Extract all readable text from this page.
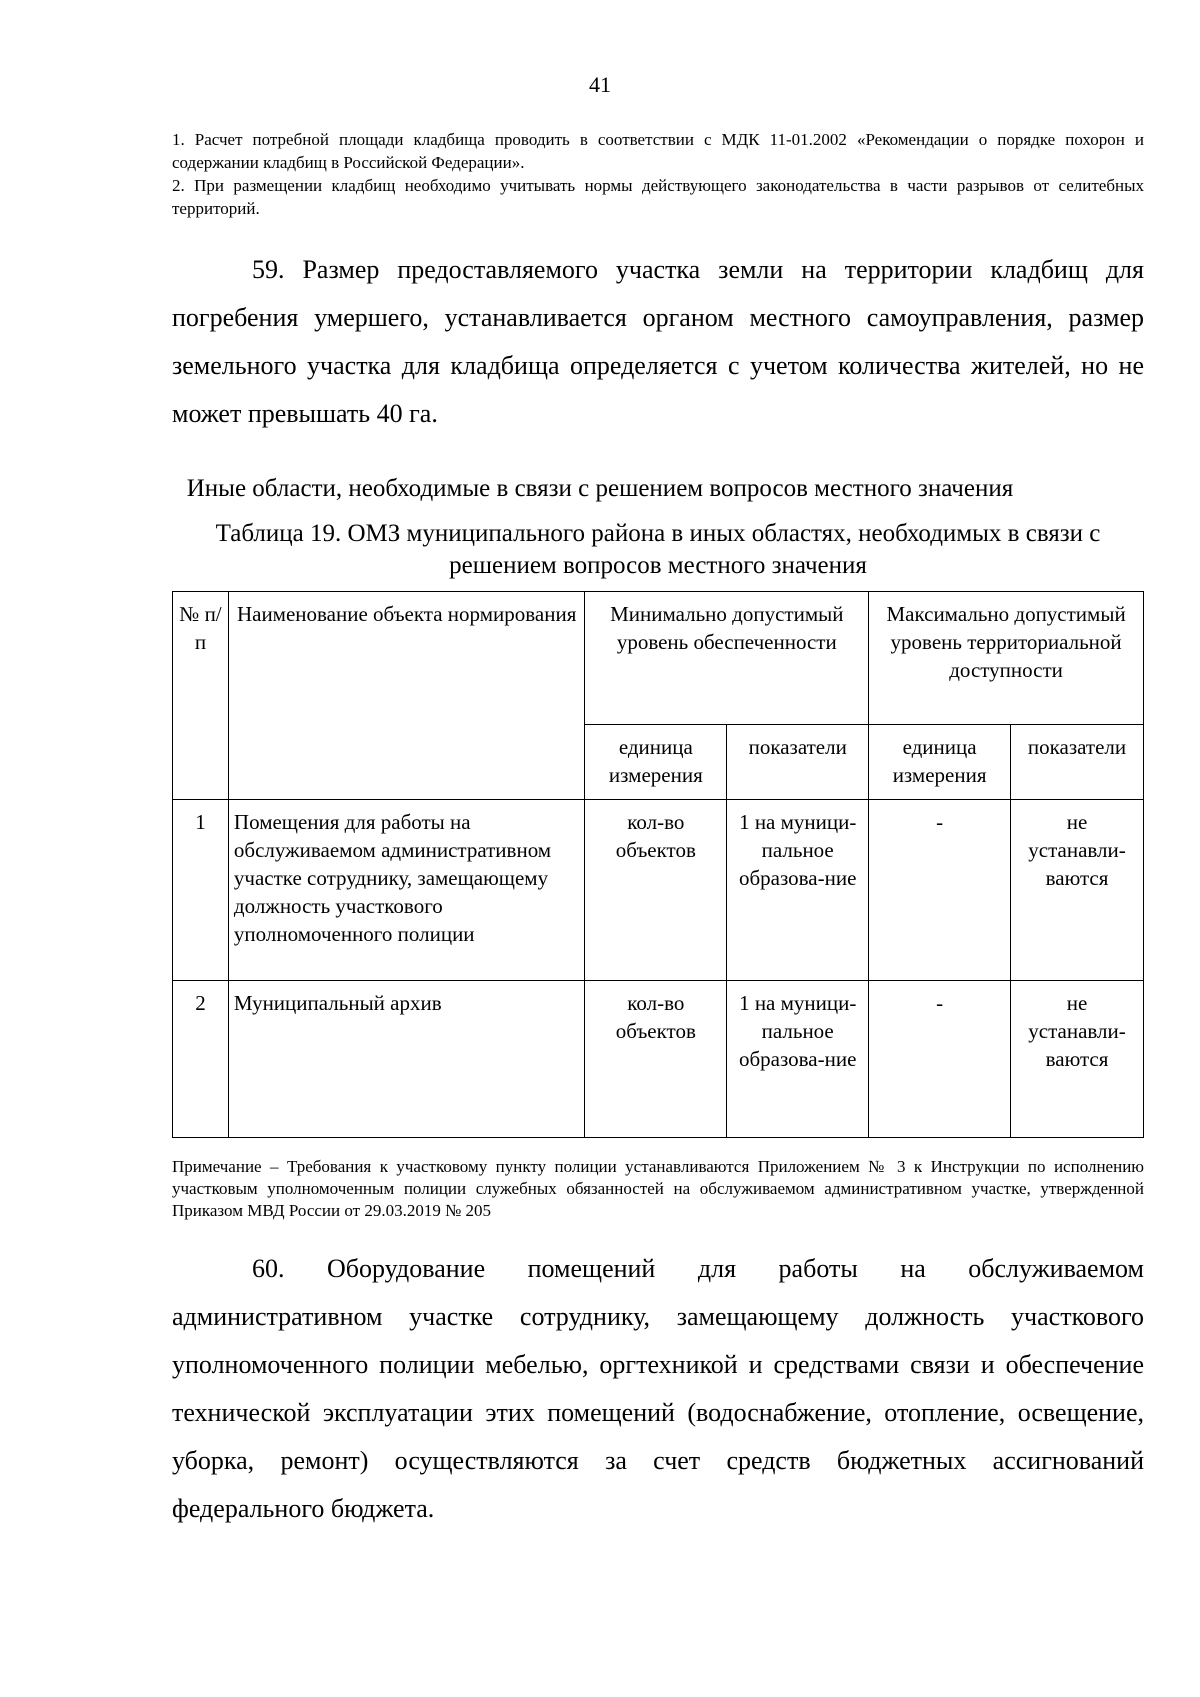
41

1. Расчет потребной площади кладбища проводить в соответствии с МДК 11-01.2002 «Рекомендации о порядке похорон и содержании кладбищ в Российской Федерации».

2. При размещении кладбищ необходимо учитывать нормы действующего законодательства в части разрывов от селитебных территорий.

59. Размер предоставляемого участка земли на территории кладбищ для погребения умершего, устанавливается органом местного самоуправления, размер земельного участка для кладбища определяется с учетом количества жителей, но не может превышать 40 га.

Иные области, необходимые в связи с решением вопросов местного значения
Таблица 19. ОМЗ муниципального района в иных областях, необходимых в связи с решением вопросов местного значения
№ п/п	Наименование объекта нормирования	Минимально допустимый уровень обеспеченности		Максимально допустимый уровень территориальной доступности	
		единица измерения	показатели	единица измерения	показатели
1	Помещения для работы на обслуживаемом административном участке сотруднику, замещающему должность участкового уполномоченного полиции	кол-во объектов	1 на муници-пальное образова-ние	-	не устанавли-ваются
2	Муниципальный архив	кол-во объектов	1 на муници-пальное образова-ние	-	не устанавли-ваются

Примечание – Требования к участковому пункту полиции устанавливаются Приложением № 3 к Инструкции по исполнению участковым уполномоченным полиции служебных обязанностей на обслуживаемом административном участке, утвержденной Приказом МВД России от 29.03.2019 № 205

60. Оборудование помещений для работы на обслуживаемом административном участке сотруднику, замещающему должность участкового уполномоченного полиции мебелью, оргтехникой и средствами связи и обеспечение технической эксплуатации этих помещений (водоснабжение, отопление, освещение, уборка, ремонт) осуществляются за счет средств бюджетных ассигнований федерального бюджета.
